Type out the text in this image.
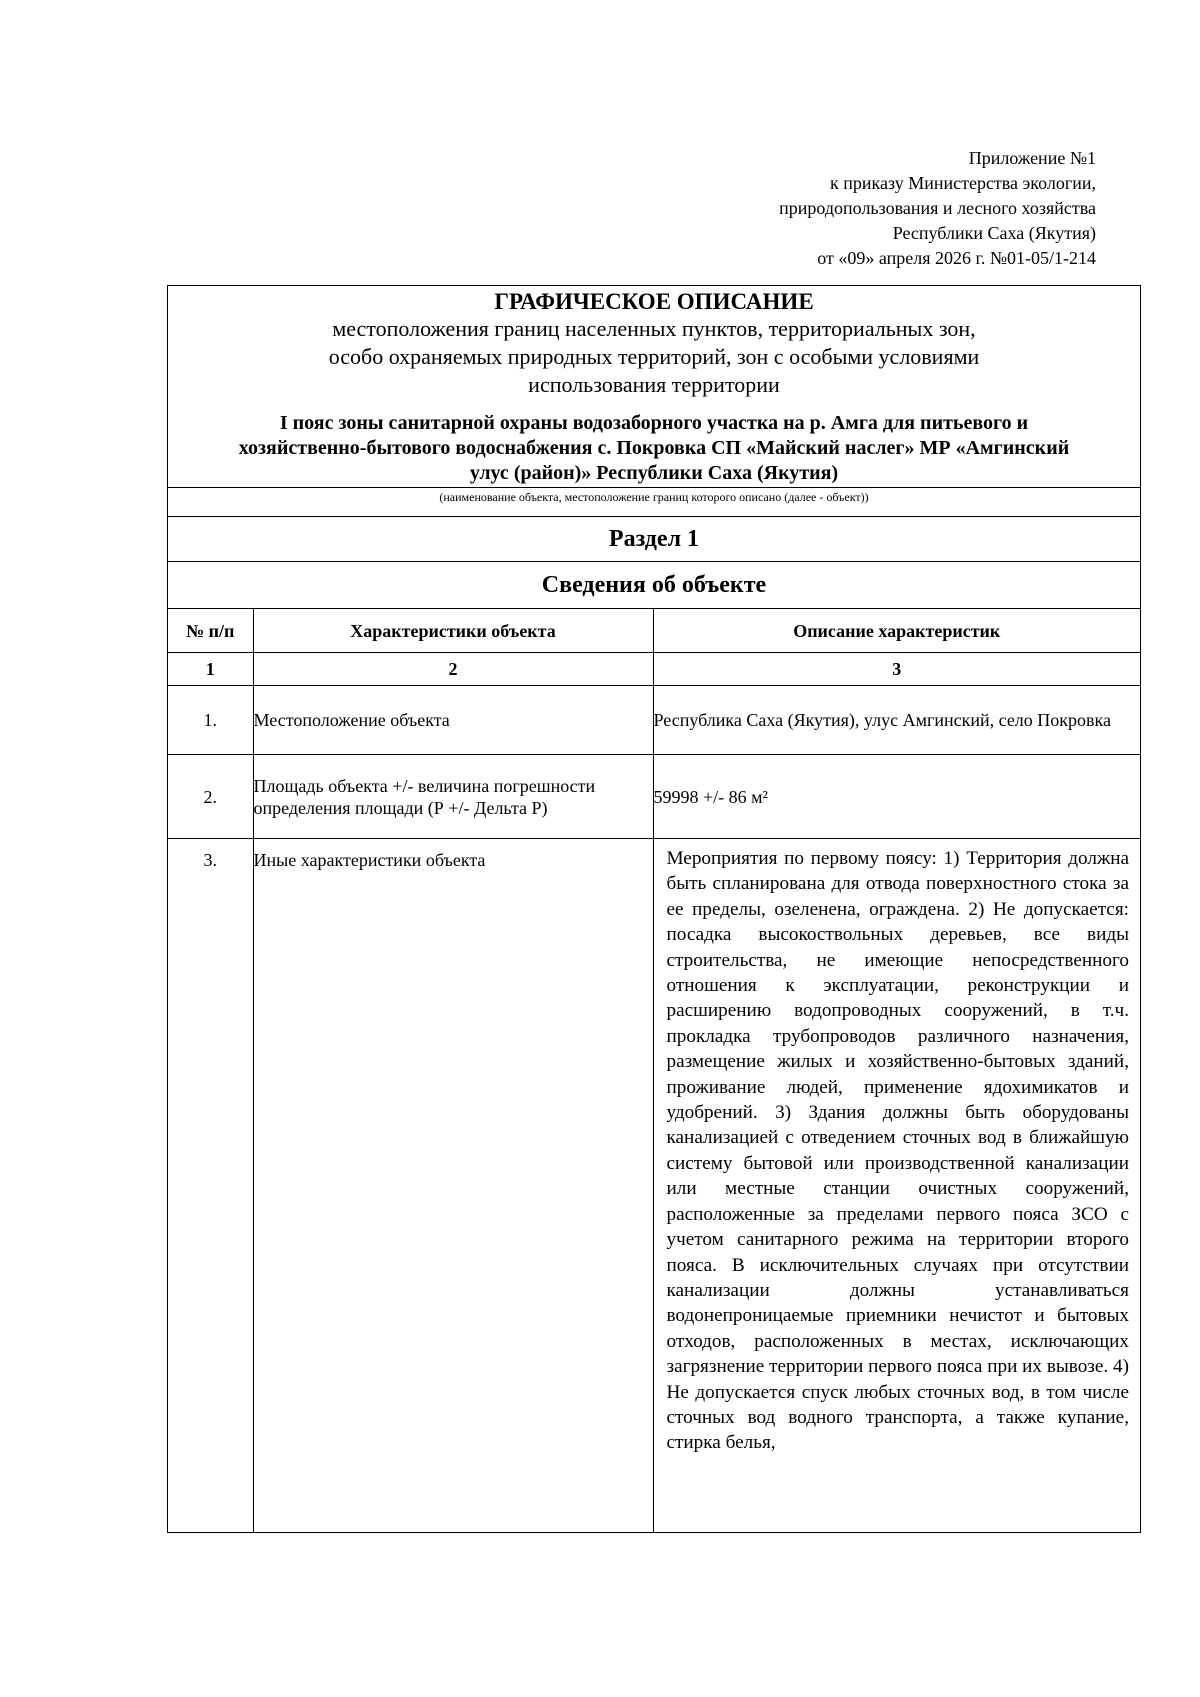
Приложение №1
к приказу Министерства экологии,
природопользования и лесного хозяйства
Республики Саха (Якутия)
от «09» апреля 2026 г. №01-05/1-214
ГРАФИЧЕСКОЕ ОПИСАНИЕ
местоположения границ населенных пунктов, территориальных зон,
особо охраняемых природных территорий, зон с особыми условиями
использования территории
I пояс зоны санитарной охраны водозаборного участка на р. Амга для питьевого и
хозяйственно-бытового водоснабжения с. Покровка СП «Майский наслег» МР «Амгинский
улус (район)» Республики Саха (Якутия)
(наименование объекта, местоположение границ которого описано (далее - объект))
Раздел 1
Сведения об объекте
№ п/п	Характеристики объекта	Описание характеристик
1	2	3
1.	Местоположение объекта	Республика Саха (Якутия), улус Амгинский, село Покровка
2.	Площадь объекта +/- величина погрешности определения площади (Р +/- Дельта Р)	59998 +/- 86 м²
3.	Иные характеристики объекта	Мероприятия по первому поясу: 1) Территория должна быть спланирована для отвода поверхностного стока за ее пределы, озеленена, ограждена. 2) Не допускается: посадка высокоствольных деревьев, все виды строительства, не имеющие непосредственного отношения к эксплуатации, реконструкции и расширению водопроводных сооружений, в т.ч. прокладка трубопроводов различного назначения, размещение жилых и хозяйственно-бытовых зданий, проживание людей, применение ядохимикатов и удобрений. 3) Здания должны быть оборудованы канализацией с отведением сточных вод в ближайшую систему бытовой или производственной канализации или местные станции очистных сооружений, расположенные за пределами первого пояса ЗСО с учетом санитарного режима на территории второго пояса. В исключительных случаях при отсутствии канализации должны устанавливаться водонепроницаемые приемники нечистот и бытовых отходов, расположенных в местах, исключающих загрязнение территории первого пояса при их вывозе. 4) Не допускается спуск любых сточных вод, в том числе сточных вод водного транспорта, а также купание, стирка белья,
